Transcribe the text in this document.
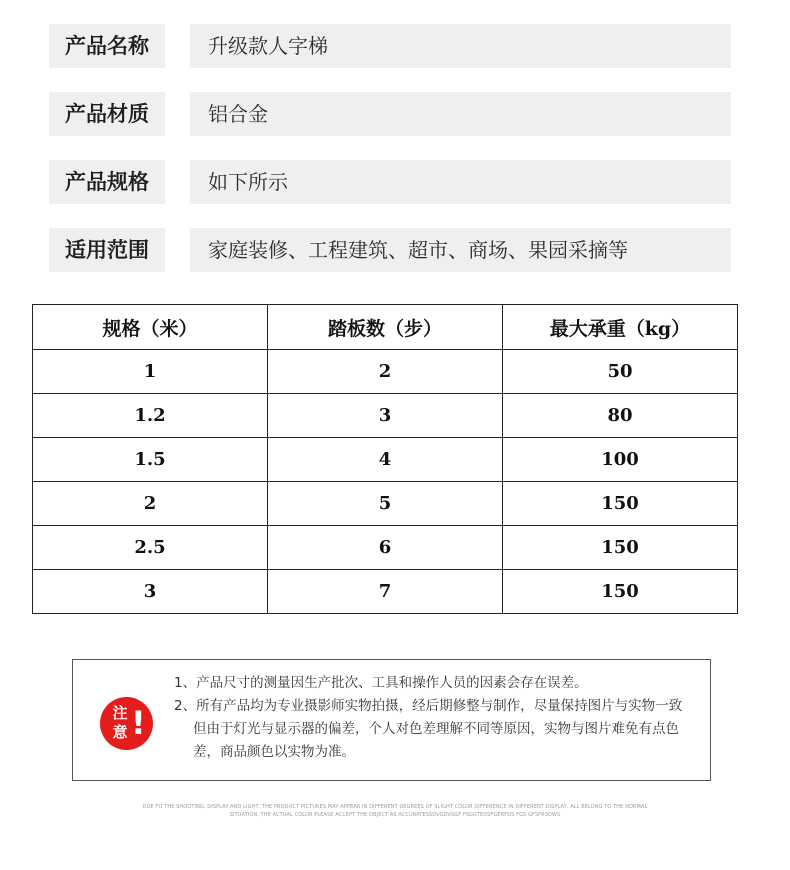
产品名称	升级款人字梯
产品材质	铝合金
产品规格	如下所示
适用范围	家庭装修、工程建筑、超市、商场、果园采摘等
规格（米）	踏板数（步）	最大承重（kg）
1	2	50
1.2	3	80
1.5	4	100
2	5	150
2.5	6	150
3	7	150
注意 !
1、产品尺寸的测量因生产批次、工具和操作人员的因素会存在误差。
2、所有产品均为专业摄影师实物拍摄，经后期修整与制作，尽量保持图片与实物一致
但由于灯光与显示器的偏差，个人对色差理解不同等原因，实物与图片难免有点色
差，商品颜色以实物为准。
DUE TO THE SHOOTING, DISPLAY AND LIGHT, THE PRODUCT PICTURES MAY APPEAR IN DIFFERENT DEGREES OF SLIGHT COLOR DIFFERENCE IN DIFFERENT DISPLAY, ALL BELONG TO THE NORMAL
SITUATION, THE ACTUAL COLOR PLEASE ACCEPT THE OBJECT AS ACCURATESSDVGDVSGF FSGGTEDSFGERFDS FGS GFSFRSDWS
